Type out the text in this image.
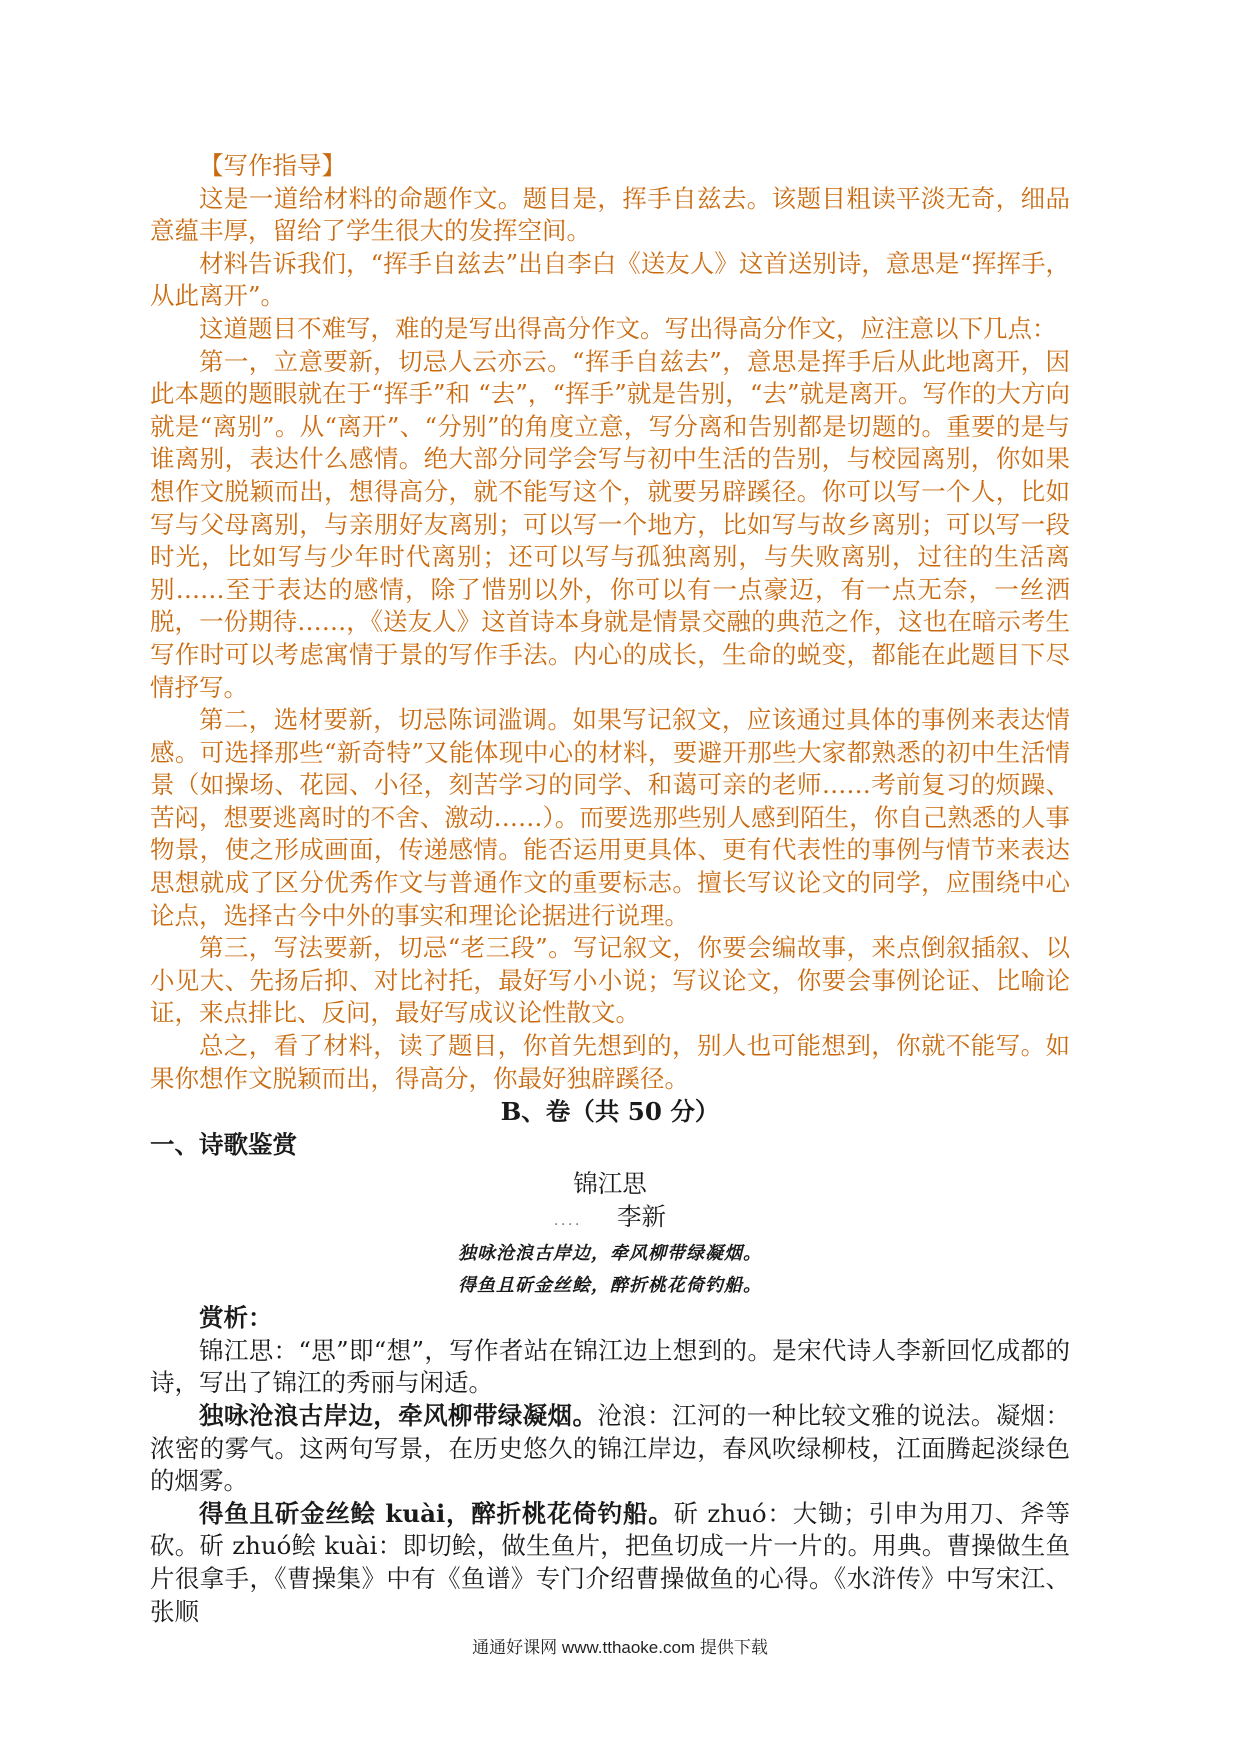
【写作指导】

这是一道给材料的命题作文。题目是，挥手自兹去。该题目粗读平淡无奇，细品意蕴丰厚，留给了学生很大的发挥空间。

材料告诉我们，“挥手自兹去”出自李白《送友人》这首送别诗，意思是“挥挥手，从此离开”。

这道题目不难写，难的是写出得高分作文。写出得高分作文，应注意以下几点：

第一，立意要新，切忌人云亦云。“挥手自兹去”，意思是挥手后从此地离开，因此本题的题眼就在于“挥手”和 “去”，“挥手”就是告别，“去”就是离开。写作的大方向就是“离别”。从“离开”、“分别”的角度立意，写分离和告别都是切题的。重要的是与谁离别，表达什么感情。绝大部分同学会写与初中生活的告别，与校园离别，你如果想作文脱颖而出，想得高分，就不能写这个，就要另辟蹊径。你可以写一个人，比如写与父母离别，与亲朋好友离别；可以写一个地方，比如写与故乡离别；可以写一段时光，比如写与少年时代离别；还可以写与孤独离别，与失败离别，过往的生活离别……至于表达的感情，除了惜别以外，你可以有一点豪迈，有一点无奈，一丝洒脱，一份期待……，《送友人》这首诗本身就是情景交融的典范之作，这也在暗示考生写作时可以考虑寓情于景的写作手法。内心的成长，生命的蜕变，都能在此题目下尽情抒写。

第二，选材要新，切忌陈词滥调。如果写记叙文，应该通过具体的事例来表达情感。可选择那些“新奇特”又能体现中心的材料，要避开那些大家都熟悉的初中生活情景（如操场、花园、小径，刻苦学习的同学、和蔼可亲的老师……考前复习的烦躁、苦闷，想要逃离时的不舍、激动……）。而要选那些别人感到陌生，你自己熟悉的人事物景，使之形成画面，传递感情。能否运用更具体、更有代表性的事例与情节来表达思想就成了区分优秀作文与普通作文的重要标志。擅长写议论文的同学，应围绕中心论点，选择古今中外的事实和理论论据进行说理。

第三，写法要新，切忌“老三段”。写记叙文，你要会编故事，来点倒叙插叙、以小见大、先扬后抑、对比衬托，最好写小小说；写议论文，你要会事例论证、比喻论证，来点排比、反问，最好写成议论性散文。

总之，看了材料，读了题目，你首先想到的，别人也可能想到，你就不能写。如果你想作文脱颖而出，得高分，你最好独辟蹊径。

B、卷（共 50 分）

一、诗歌鉴赏

锦江思

．．．． 李新

独咏沧浪古岸边，牵风柳带绿凝烟。

得鱼且斫金丝鲙，醉折桃花倚钓船。

赏析：

锦江思：“思”即“想”，写作者站在锦江边上想到的。是宋代诗人李新回忆成都的诗，写出了锦江的秀丽与闲适。

独咏沧浪古岸边，牵风柳带绿凝烟。沧浪：江河的一种比较文雅的说法。凝烟：浓密的雾气。这两句写景，在历史悠久的锦江岸边，春风吹绿柳枝，江面腾起淡绿色的烟雾。

得鱼且斫金丝鲙 kuài，醉折桃花倚钓船。斫 zhuó：大锄；引申为用刀、斧等砍。斫 zhuó鲙 kuài：即切鲙，做生鱼片，把鱼切成一片一片的。用典。曹操做生鱼片很拿手，《曹操集》中有《鱼谱》专门介绍曹操做鱼的心得。《水浒传》中写宋江、张顺

通通好课网 www.tthaoke.com 提供下载
